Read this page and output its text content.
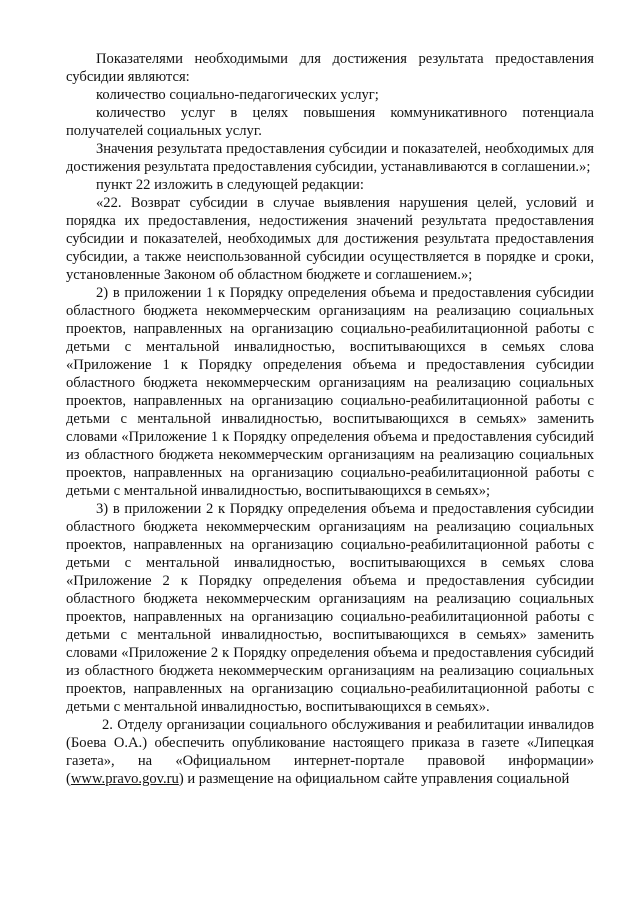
Показателями необходимыми для достижения результата предоставления субсидии являются:

количество социально-педагогических услуг;

количество услуг в целях повышения коммуникативного потенциала получателей социальных услуг.

Значения результата предоставления субсидии и показателей, необходимых для достижения результата предоставления субсидии, устанавливаются в соглашении.»;

пункт 22 изложить в следующей редакции:

«22. Возврат субсидии в случае выявления нарушения целей, условий и порядка их предоставления, недостижения значений результата предоставления субсидии и показателей, необходимых для достижения результата предоставления субсидии, а также неиспользованной субсидии осуществляется в порядке и сроки, установленные Законом об областном бюджете и соглашением.»;

2) в приложении 1 к Порядку определения объема и предоставления субсидии областного бюджета некоммерческим организациям на реализацию социальных проектов, направленных на организацию социально-реабилитационной работы с детьми с ментальной инвалидностью, воспитывающихся в семьях слова «Приложение 1 к Порядку определения объема и предоставления субсидии областного бюджета некоммерческим организациям на реализацию социальных проектов, направленных на организацию социально-реабилитационной работы с детьми с ментальной инвалидностью, воспитывающихся в семьях» заменить словами «Приложение 1 к Порядку определения объема и предоставления субсидий из областного бюджета некоммерческим организациям на реализацию социальных проектов, направленных на организацию социально-реабилитационной работы с детьми с ментальной инвалидностью, воспитывающихся в семьях»;

3) в приложении 2 к Порядку определения объема и предоставления субсидии областного бюджета некоммерческим организациям на реализацию социальных проектов, направленных на организацию социально-реабилитационной работы с детьми с ментальной инвалидностью, воспитывающихся в семьях слова «Приложение 2 к Порядку определения объема и предоставления субсидии областного бюджета некоммерческим организациям на реализацию социальных проектов, направленных на организацию социально-реабилитационной работы с детьми с ментальной инвалидностью, воспитывающихся в семьях» заменить словами «Приложение 2 к Порядку определения объема и предоставления субсидий из областного бюджета некоммерческим организациям на реализацию социальных проектов, направленных на организацию социально-реабилитационной работы с детьми с ментальной инвалидностью, воспитывающихся в семьях».

2. Отделу организации социального обслуживания и реабилитации инвалидов (Боева О.А.) обеспечить опубликование настоящего приказа в газете «Липецкая газета», на «Официальном интернет-портале правовой информации» (www.pravo.gov.ru) и размещение на официальном сайте управления социальной
